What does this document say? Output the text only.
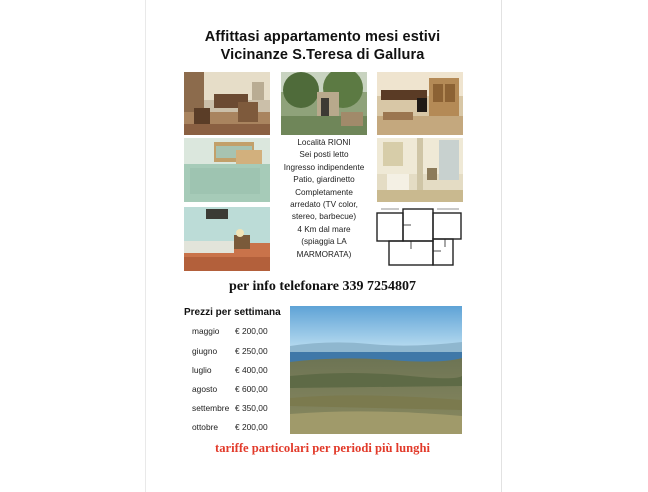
Affittasi appartamento mesi estivi
Vicinanze S.Teresa di Gallura
Località RIONI
Sei posti letto
Ingresso indipendente
Patio, giardinetto
Completamente
arredato (TV color,
stereo, barbecue)
4 Km dal mare
(spiaggia LA
MARMORATA)
per info telefonare 339 7254807
Prezzi per settimana
maggio	€ 200,00
giugno	€ 250,00
luglio	€ 400,00
agosto	€ 600,00
settembre € 350,00
ottobre	€ 200,00
tariffe particolari per periodi più lunghi
